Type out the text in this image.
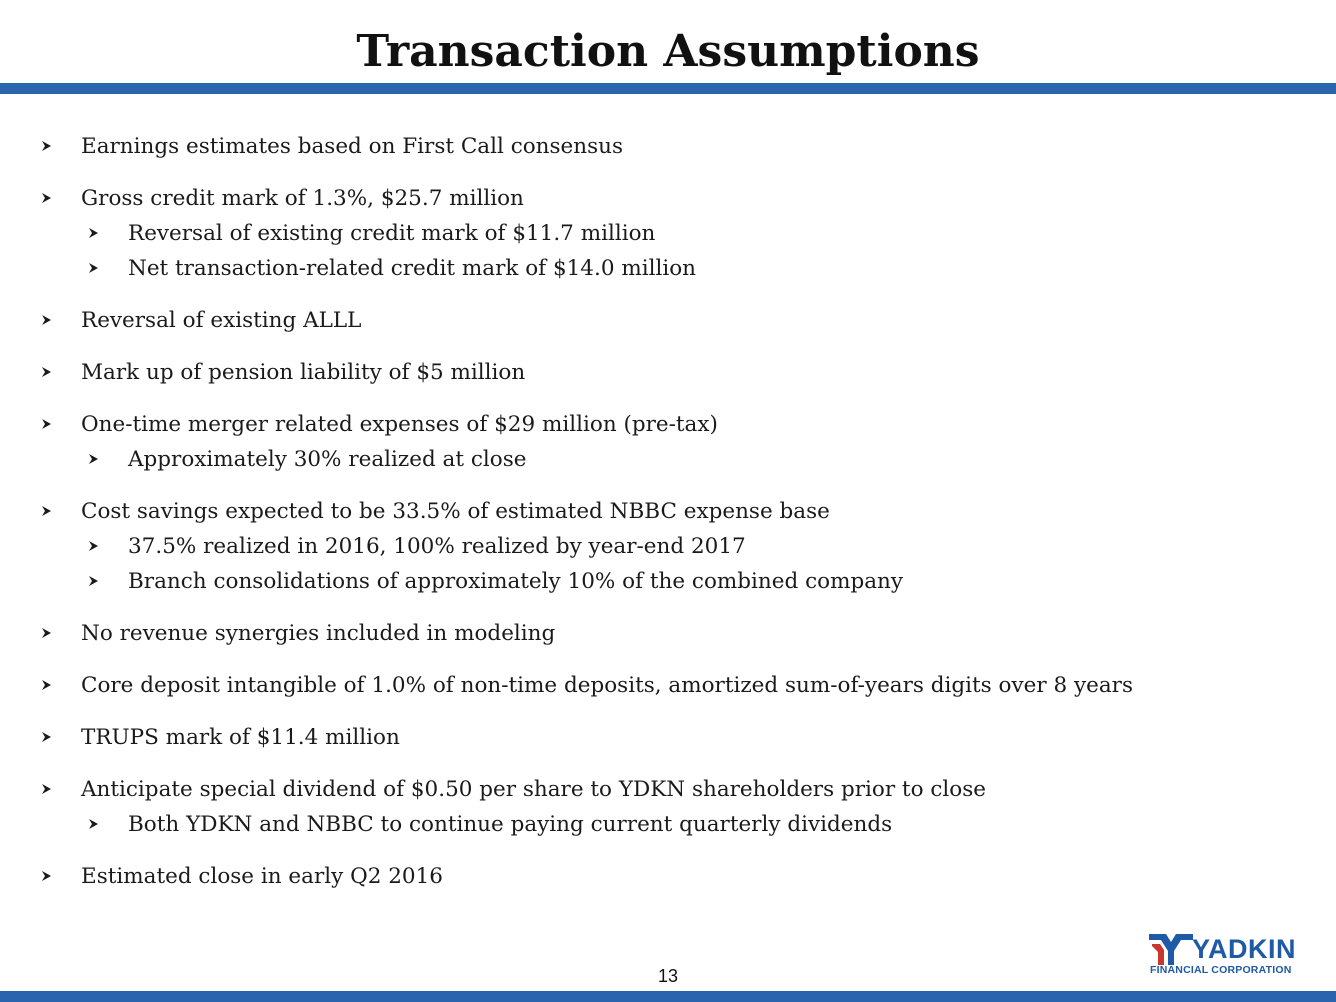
Transaction Assumptions
Earnings estimates based on First Call consensus
Gross credit mark of 1.3%, $25.7 million
Reversal of existing credit mark of $11.7 million
Net transaction-related credit mark of $14.0 million
Reversal of existing ALLL
Mark up of pension liability of $5 million
One-time merger related expenses of $29 million (pre-tax)
Approximately 30% realized at close
Cost savings expected to be 33.5% of estimated NBBC expense base
37.5% realized in 2016, 100% realized by year-end 2017
Branch consolidations of approximately 10% of the combined company
No revenue synergies included in modeling
Core deposit intangible of 1.0% of non-time deposits, amortized sum-of-years digits over 8 years
TRUPS mark of $11.4 million
Anticipate special dividend of $0.50 per share to YDKN shareholders prior to close
Both YDKN and NBBC to continue paying current quarterly dividends
Estimated close in early Q2 2016
13
YADKIN
FINANCIAL CORPORATION
